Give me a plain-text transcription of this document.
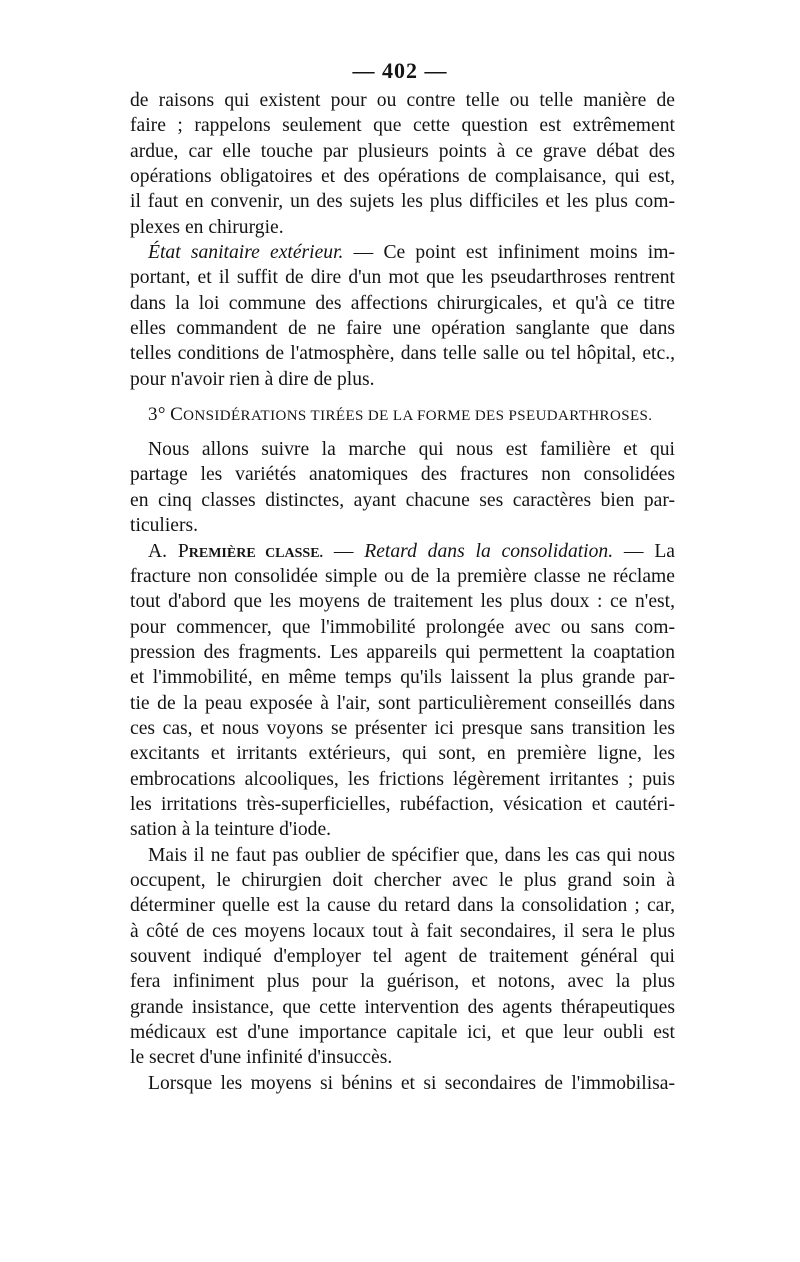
— 402 —
de raisons qui existent pour ou contre telle ou telle manière de
faire ; rappelons seulement que cette question est extrêmement
ardue, car elle touche par plusieurs points à ce grave débat des
opérations obligatoires et des opérations de complaisance, qui est,
il faut en convenir, un des sujets les plus difficiles et les plus com-
plexes en chirurgie.
État sanitaire extérieur. — Ce point est infiniment moins im-
portant, et il suffit de dire d'un mot que les pseudarthroses rentrent
dans la loi commune des affections chirurgicales, et qu'à ce titre
elles commandent de ne faire une opération sanglante que dans
telles conditions de l'atmosphère, dans telle salle ou tel hôpital, etc.,
pour n'avoir rien à dire de plus.
3° CONSIDÉRATIONS TIRÉES DE LA FORME DES PSEUDARTHROSES.
Nous allons suivre la marche qui nous est familière et qui
partage les variétés anatomiques des fractures non consolidées
en cinq classes distinctes, ayant chacune ses caractères bien par-
ticuliers.
A. PREMIÈRE CLASSE. — Retard dans la consolidation. — La
fracture non consolidée simple ou de la première classe ne réclame
tout d'abord que les moyens de traitement les plus doux : ce n'est,
pour commencer, que l'immobilité prolongée avec ou sans com-
pression des fragments. Les appareils qui permettent la coaptation
et l'immobilité, en même temps qu'ils laissent la plus grande par-
tie de la peau exposée à l'air, sont particulièrement conseillés dans
ces cas, et nous voyons se présenter ici presque sans transition les
excitants et irritants extérieurs, qui sont, en première ligne, les
embrocations alcooliques, les frictions légèrement irritantes ; puis
les irritations très-superficielles, rubéfaction, vésication et cautéri-
sation à la teinture d'iode.
Mais il ne faut pas oublier de spécifier que, dans les cas qui nous
occupent, le chirurgien doit chercher avec le plus grand soin à
déterminer quelle est la cause du retard dans la consolidation ; car,
à côté de ces moyens locaux tout à fait secondaires, il sera le plus
souvent indiqué d'employer tel agent de traitement général qui
fera infiniment plus pour la guérison, et notons, avec la plus
grande insistance, que cette intervention des agents thérapeutiques
médicaux est d'une importance capitale ici, et que leur oubli est
le secret d'une infinité d'insuccès.
Lorsque les moyens si bénins et si secondaires de l'immobilisa-
